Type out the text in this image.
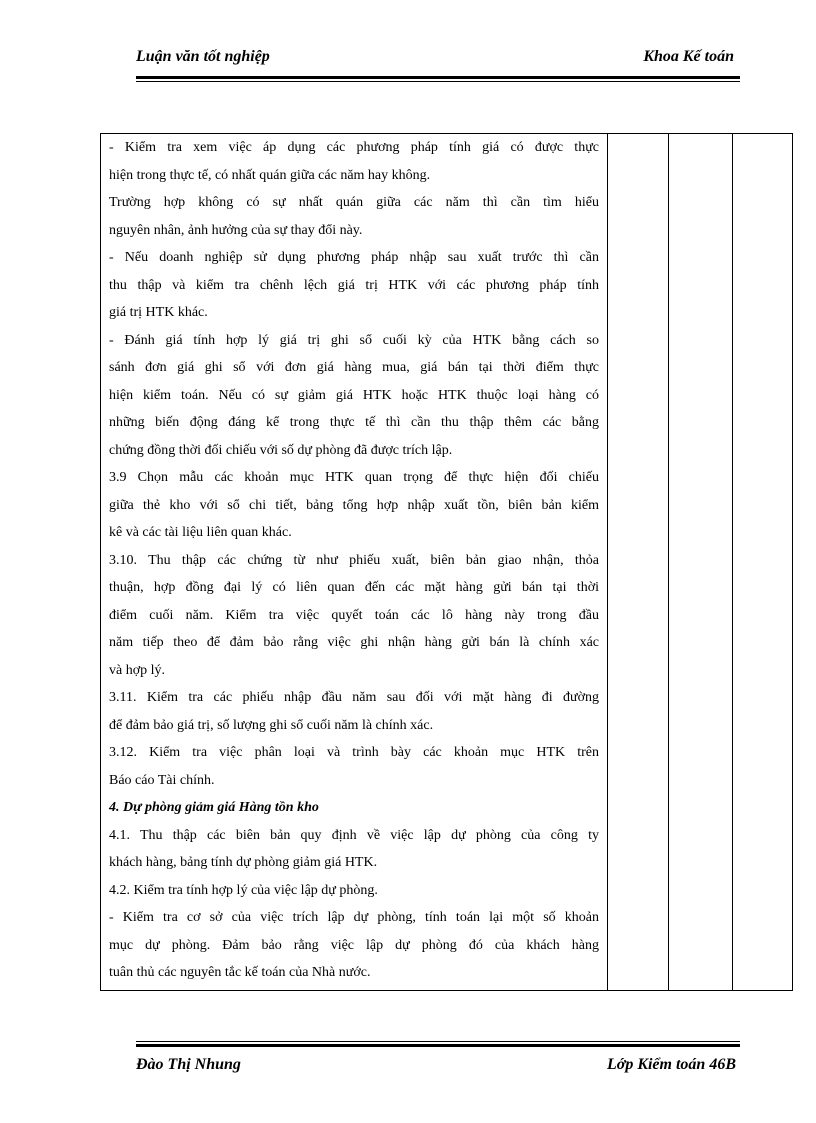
Luận văn tốt nghiệp	Khoa Kế toán
- Kiểm tra xem việc áp dụng các phương pháp tính giá có được thực
hiện trong thực tế, có nhất quán giữa các năm hay không.
Trường hợp không có sự nhất quán giữa các năm thì cần tìm hiểu
nguyên nhân, ảnh hưởng của sự thay đổi này.
- Nếu doanh nghiệp sử dụng phương pháp nhập sau xuất trước thì cần
thu thập và kiểm tra chênh lệch giá trị HTK với các phương pháp tính
giá trị HTK khác.
- Đánh giá tính hợp lý giá trị ghi sổ cuối kỳ của HTK bằng cách so
sánh đơn giá ghi sổ với đơn giá hàng mua, giá bán tại thời điểm thực
hiện kiểm toán. Nếu có sự giảm giá HTK hoặc HTK thuộc loại hàng có
những biến động đáng kể trong thực tế thì cần thu thập thêm các bằng
chứng đồng thời đối chiếu với số dự phòng đã được trích lập.
3.9 Chọn mẫu các khoản mục HTK quan trọng để thực hiện đối chiếu
giữa thẻ kho với sổ chi tiết, bảng tổng hợp nhập xuất tồn, biên bản kiểm
kê và các tài liệu liên quan khác.
3.10. Thu thập các chứng từ như phiếu xuất, biên bản giao nhận, thỏa
thuận, hợp đồng đại lý có liên quan đến các mặt hàng gửi bán tại thời
điểm cuối năm. Kiểm tra việc quyết toán các lô hàng này trong đầu
năm tiếp theo để đảm bảo rằng việc ghi nhận hàng gửi bán là chính xác
và hợp lý.
3.11. Kiểm tra các phiếu nhập đầu năm sau đối với mặt hàng đi đường
để đảm bảo giá trị, số lượng ghi sổ cuối năm là chính xác.
3.12. Kiểm tra việc phân loại và trình bày các khoản mục HTK trên
Báo cáo Tài chính.
4. Dự phòng giảm giá Hàng tồn kho
4.1. Thu thập các biên bản quy định về việc lập dự phòng của công ty
khách hàng, bảng tính dự phòng giảm giá HTK.
4.2. Kiểm tra tính hợp lý của việc lập dự phòng.
- Kiểm tra cơ sở của việc trích lập dự phòng, tính toán lại một số khoản
mục dự phòng. Đảm bảo rằng việc lập dự phòng đó của khách hàng
tuân thủ các nguyên tắc kế toán của Nhà nước.

Đào Thị Nhung	Lớp Kiểm toán 46B
